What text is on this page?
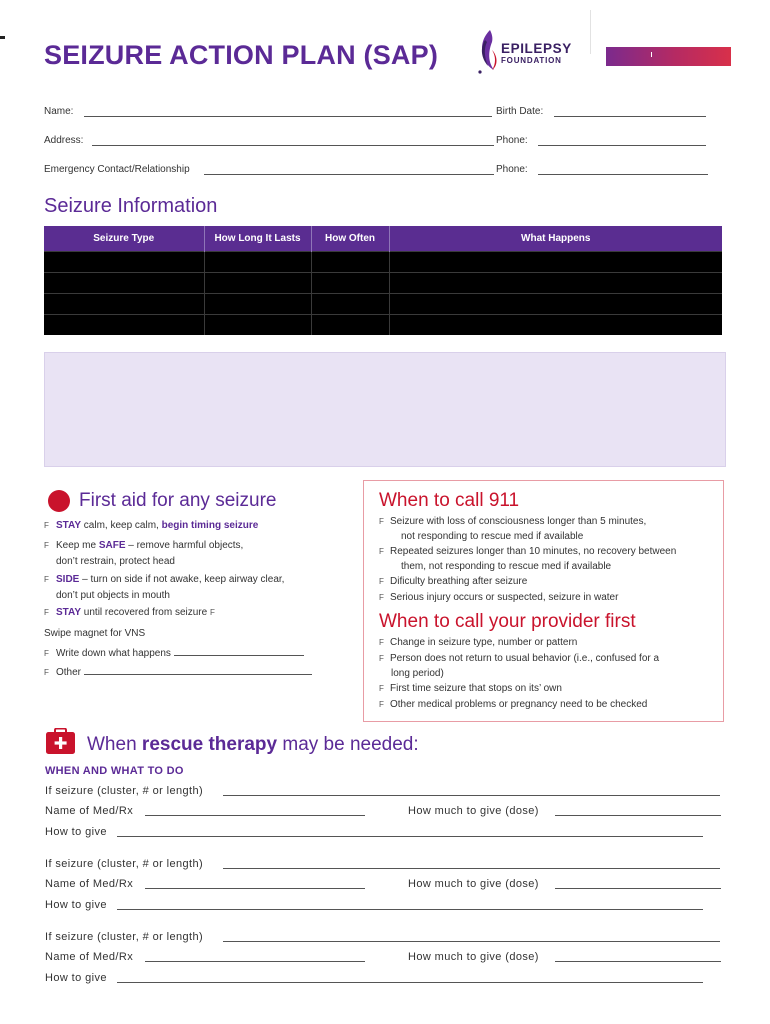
SEIZURE ACTION PLAN (SAP)	EPILEPSY
FOUNDATION
Name:	Birth Date:
Address:	Phone:
Emergency Contact/Relationship	Phone:
Seizure Information
Seizure Type	How Long It Lasts	How Often	What Happens

First aid for any seizure
F STAY calm, keep calm, begin timing seizure
F Keep me SAFE – remove harmful objects,
don’t restrain, protect head
F SIDE – turn on side if not awake, keep airway clear,
don’t put objects in mouth
F STAY until recovered from seizure F
Swipe magnet for VNS
F Write down what happens
F Other
When to call 911
F Seizure with loss of consciousness longer than 5 minutes,
not responding to rescue med if available
F Repeated seizures longer than 10 minutes, no recovery between
them, not responding to rescue med if available
F Dificulty breathing after seizure
F Serious injury occurs or suspected, seizure in water
When to call your provider first
F Change in seizure type, number or pattern
F Person does not return to usual behavior (i.e., confused for a
long period)
F First time seizure that stops on its’ own
F Other medical problems or pregnancy need to be checked
When rescue therapy may be needed:
WHEN AND WHAT TO DO
If seizure (cluster, # or length)
Name of Med/Rx	How much to give (dose)
How to give
If seizure (cluster, # or length)
Name of Med/Rx	How much to give (dose)
How to give
If seizure (cluster, # or length)
Name of Med/Rx	How much to give (dose)
How to give
